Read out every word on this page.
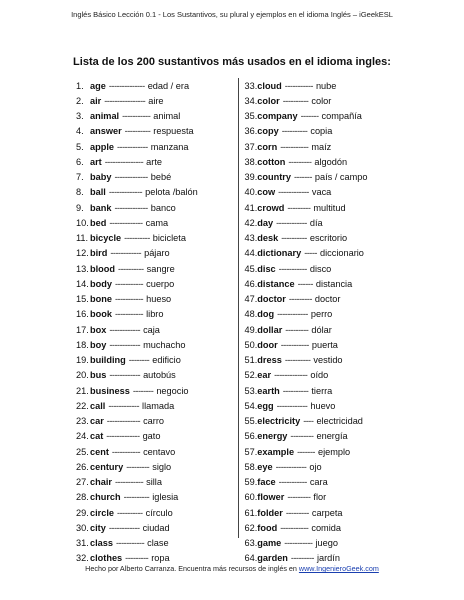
Inglés Básico Lección 0.1 - Los Sustantivos, su plural y ejemplos en el idioma Inglés – iGeekESL
Lista de los 200 sustantivos más usados en el idioma ingles:
1. age -------------- edad / era
2. air ---------------- aire
3. animal ----------- animal
4. answer ---------- respuesta
5. apple ------------ manzana
6. art --------------- arte
7. baby ------------- bebé
8. ball ------------- pelota /balón
9. bank ------------- banco
10. bed ------------- cama
11. bicycle ---------- bicicleta
12. bird ------------ pájaro
13. blood ---------- sangre
14. body ----------- cuerpo
15. bone ----------- hueso
16. book ----------- libro
17. box ------------ caja
18. boy ------------ muchacho
19. building -------- edificio
20. bus ------------ autobús
21. business -------- negocio
22. call ------------ llamada
23. car ------------- carro
24. cat ------------- gato
25. cent ----------- centavo
26. century --------- siglo
27. chair ----------- silla
28. church ---------- iglesia
29. circle ---------- círculo
30. city ------------ ciudad
31. class ----------- clase
32. clothes --------- ropa
33. cloud ----------- nube
34. color ---------- color
35. company ------- compañía
36. copy ---------- copia
37. corn ----------- maíz
38. cotton --------- algodón
39. country ------- país / campo
40. cow ------------ vaca
41. crowd --------- multitud
42. day ------------ día
43. desk ---------- escritorio
44. dictionary ----- diccionario
45. disc ----------- disco
46. distance ------ distancia
47. doctor --------- doctor
48. dog ------------ perro
49. dollar --------- dólar
50. door ----------- puerta
51. dress ---------- vestido
52. ear ------------- oído
53. earth ---------- tierra
54. egg ------------ huevo
55. electricity ---- electricidad
56. energy --------- energía
57. example ------- ejemplo
58. eye ------------ ojo
59. face ----------- cara
60. flower --------- flor
61. folder --------- carpeta
62. food ----------- comida
63. game ----------- juego
64. garden --------- jardín
Hecho por Alberto Carranza. Encuentra más recursos de inglés en www.IngenieroGeek.com
